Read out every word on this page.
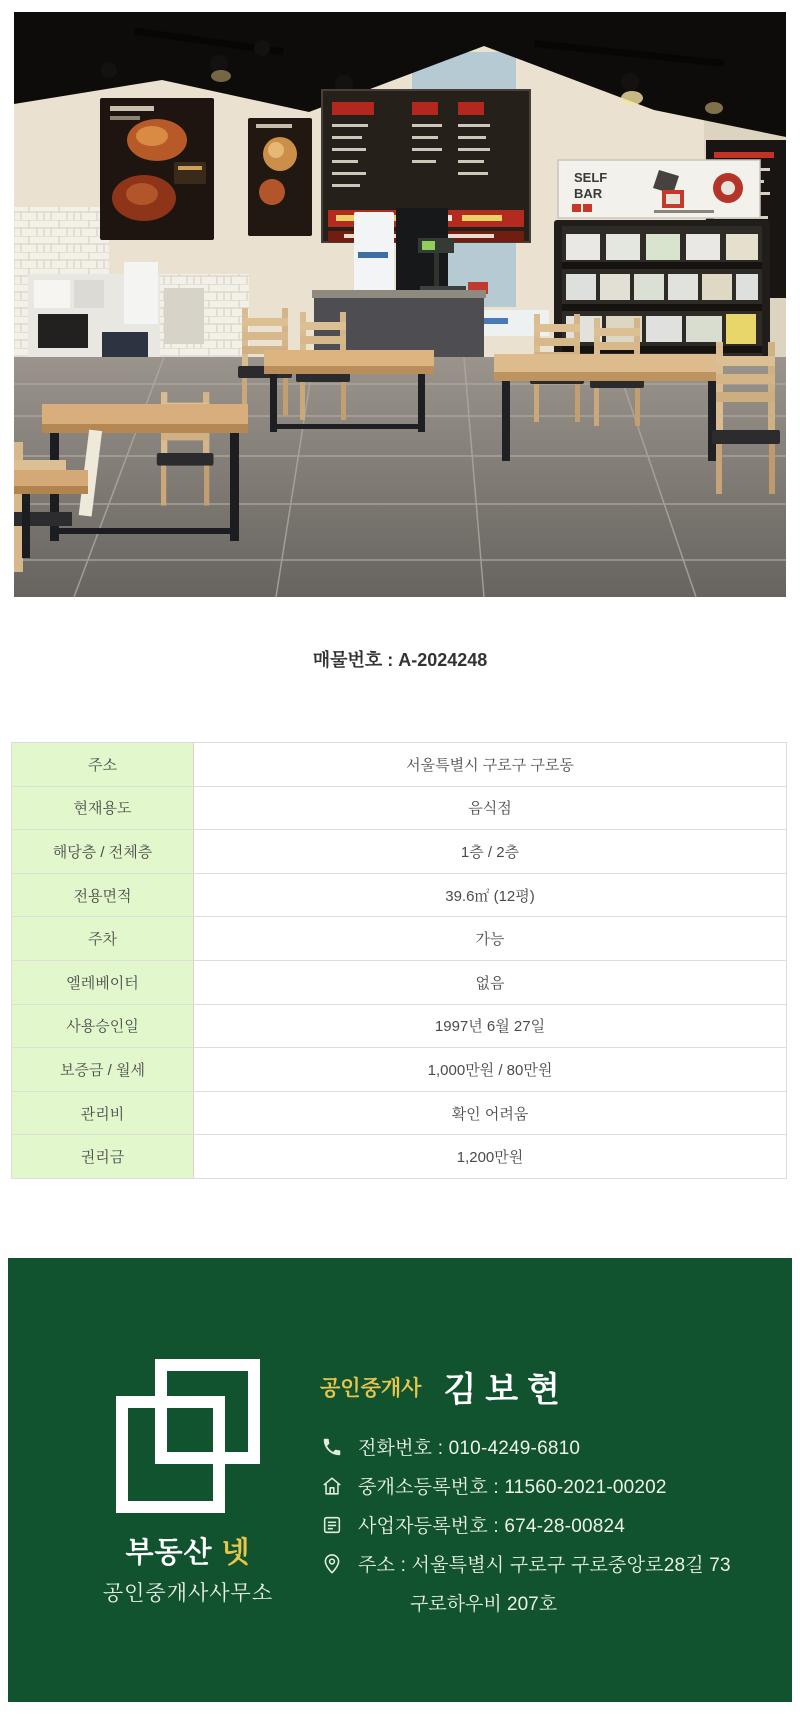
SELF
BAR
매물번호 : A-2024248
주소	서울특별시 구로구 구로동
현재용도	음식점
해당층 / 전체층	1층 / 2층
전용면적	39.6㎡ (12평)
주차	가능
엘레베이터	없음
사용승인일	1997년 6월 27일
보증금 / 월세	1,000만원 / 80만원
관리비	확인 어려움
권리금	1,200만원
부동산 넷
공인중개사사무소
공인중개사 김보현
전화번호 : 010-4249-6810
중개소등록번호 : 11560-2021-00202
사업자등록번호 : 674-28-00824
주소 : 서울특별시 구로구 구로중앙로28길 73
구로하우비 207호
